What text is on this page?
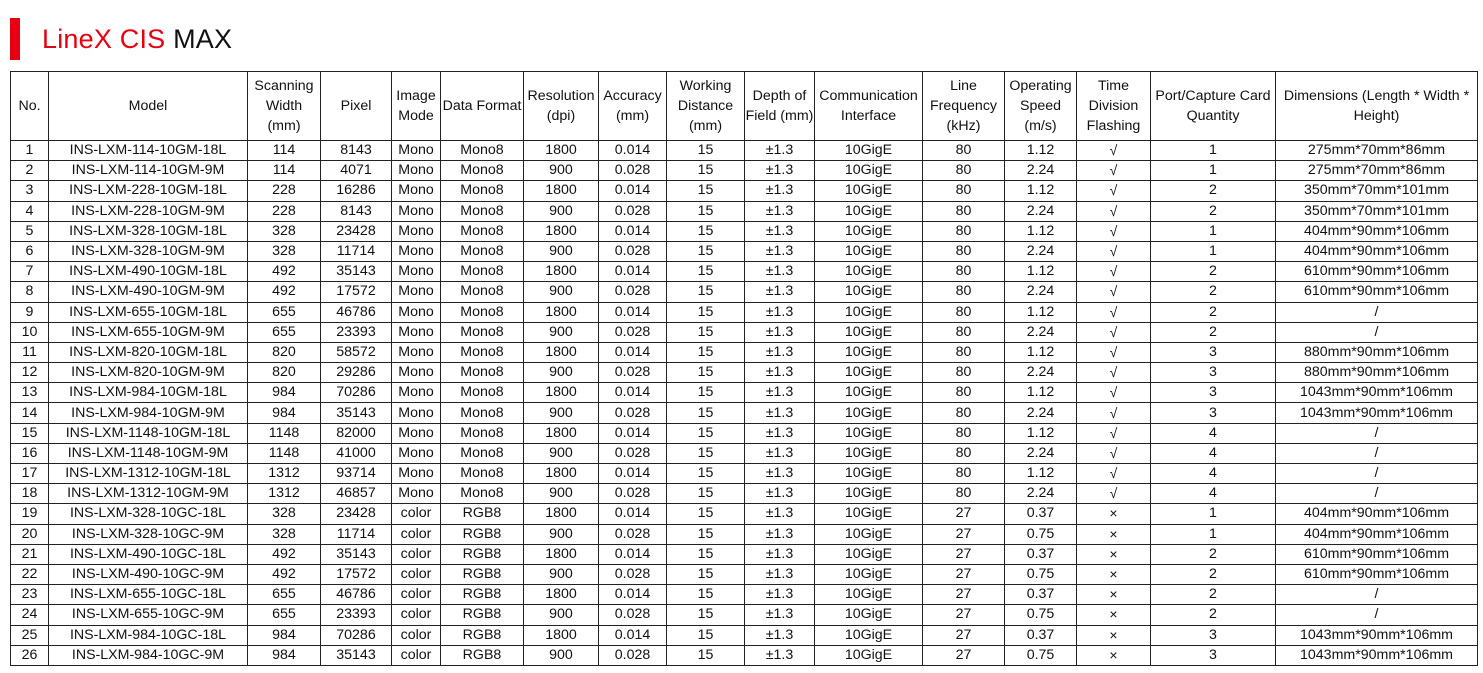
LineX CIS MAX
No.	Model	Scanning Width (mm)	Pixel	Image Mode	Data Format	Resolution (dpi)	Accuracy (mm)	Working Distance (mm)	Depth of Field (mm)	Communication Interface	Line Frequency (kHz)	Operating Speed (m/s)	Time Division Flashing	Port/Capture Card Quantity	Dimensions (Length * Width * Height)
1	INS-LXM-114-10GM-18L	114	8143	Mono	Mono8	1800	0.014	15	±1.3	10GigE	80	1.12	√	1	275mm*70mm*86mm
2	INS-LXM-114-10GM-9M	114	4071	Mono	Mono8	900	0.028	15	±1.3	10GigE	80	2.24	√	1	275mm*70mm*86mm
3	INS-LXM-228-10GM-18L	228	16286	Mono	Mono8	1800	0.014	15	±1.3	10GigE	80	1.12	√	2	350mm*70mm*101mm
4	INS-LXM-228-10GM-9M	228	8143	Mono	Mono8	900	0.028	15	±1.3	10GigE	80	2.24	√	2	350mm*70mm*101mm
5	INS-LXM-328-10GM-18L	328	23428	Mono	Mono8	1800	0.014	15	±1.3	10GigE	80	1.12	√	1	404mm*90mm*106mm
6	INS-LXM-328-10GM-9M	328	11714	Mono	Mono8	900	0.028	15	±1.3	10GigE	80	2.24	√	1	404mm*90mm*106mm
7	INS-LXM-490-10GM-18L	492	35143	Mono	Mono8	1800	0.014	15	±1.3	10GigE	80	1.12	√	2	610mm*90mm*106mm
8	INS-LXM-490-10GM-9M	492	17572	Mono	Mono8	900	0.028	15	±1.3	10GigE	80	2.24	√	2	610mm*90mm*106mm
9	INS-LXM-655-10GM-18L	655	46786	Mono	Mono8	1800	0.014	15	±1.3	10GigE	80	1.12	√	2	/
10	INS-LXM-655-10GM-9M	655	23393	Mono	Mono8	900	0.028	15	±1.3	10GigE	80	2.24	√	2	/
11	INS-LXM-820-10GM-18L	820	58572	Mono	Mono8	1800	0.014	15	±1.3	10GigE	80	1.12	√	3	880mm*90mm*106mm
12	INS-LXM-820-10GM-9M	820	29286	Mono	Mono8	900	0.028	15	±1.3	10GigE	80	2.24	√	3	880mm*90mm*106mm
13	INS-LXM-984-10GM-18L	984	70286	Mono	Mono8	1800	0.014	15	±1.3	10GigE	80	1.12	√	3	1043mm*90mm*106mm
14	INS-LXM-984-10GM-9M	984	35143	Mono	Mono8	900	0.028	15	±1.3	10GigE	80	2.24	√	3	1043mm*90mm*106mm
15	INS-LXM-1148-10GM-18L	1148	82000	Mono	Mono8	1800	0.014	15	±1.3	10GigE	80	1.12	√	4	/
16	INS-LXM-1148-10GM-9M	1148	41000	Mono	Mono8	900	0.028	15	±1.3	10GigE	80	2.24	√	4	/
17	INS-LXM-1312-10GM-18L	1312	93714	Mono	Mono8	1800	0.014	15	±1.3	10GigE	80	1.12	√	4	/
18	INS-LXM-1312-10GM-9M	1312	46857	Mono	Mono8	900	0.028	15	±1.3	10GigE	80	2.24	√	4	/
19	INS-LXM-328-10GC-18L	328	23428	color	RGB8	1800	0.014	15	±1.3	10GigE	27	0.37	×	1	404mm*90mm*106mm
20	INS-LXM-328-10GC-9M	328	11714	color	RGB8	900	0.028	15	±1.3	10GigE	27	0.75	×	1	404mm*90mm*106mm
21	INS-LXM-490-10GC-18L	492	35143	color	RGB8	1800	0.014	15	±1.3	10GigE	27	0.37	×	2	610mm*90mm*106mm
22	INS-LXM-490-10GC-9M	492	17572	color	RGB8	900	0.028	15	±1.3	10GigE	27	0.75	×	2	610mm*90mm*106mm
23	INS-LXM-655-10GC-18L	655	46786	color	RGB8	1800	0.014	15	±1.3	10GigE	27	0.37	×	2	/
24	INS-LXM-655-10GC-9M	655	23393	color	RGB8	900	0.028	15	±1.3	10GigE	27	0.75	×	2	/
25	INS-LXM-984-10GC-18L	984	70286	color	RGB8	1800	0.014	15	±1.3	10GigE	27	0.37	×	3	1043mm*90mm*106mm
26	INS-LXM-984-10GC-9M	984	35143	color	RGB8	900	0.028	15	±1.3	10GigE	27	0.75	×	3	1043mm*90mm*106mm
